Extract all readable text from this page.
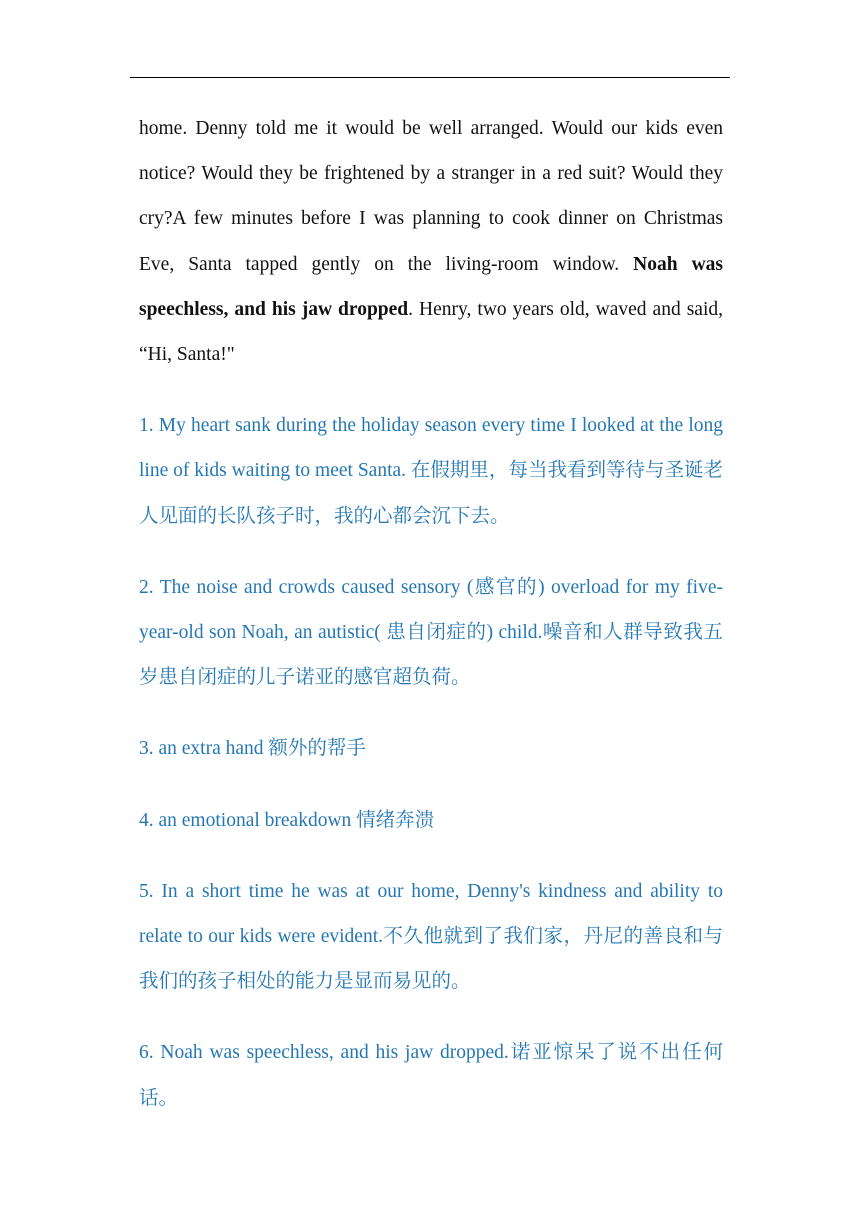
home. Denny told me it would be well arranged. Would our kids even notice? Would they be frightened by a stranger in a red suit? Would they cry?A few minutes before I was planning to cook dinner on Christmas Eve, Santa tapped gently on the living-room window. Noah was speechless, and his jaw dropped. Henry, two years old, waved and said, “Hi, Santa!"

1. My heart sank during the holiday season every time I looked at the long line of kids waiting to meet Santa. 在假期里，每当我看到等待与圣诞老人见面的长队孩子时，我的心都会沉下去。

2. The noise and crowds caused sensory (感官的) overload for my five-year-old son Noah, an autistic( 患自闭症的) child.噪音和人群导致我五岁患自闭症的儿子诺亚的感官超负荷。

3. an extra hand 额外的帮手

4. an emotional breakdown 情绪奔溃

5. In a short time he was at our home, Denny's kindness and ability to relate to our kids were evident.不久他就到了我们家，丹尼的善良和与我们的孩子相处的能力是显而易见的。

6. Noah was speechless, and his jaw dropped.诺亚惊呆了说不出任何话。
